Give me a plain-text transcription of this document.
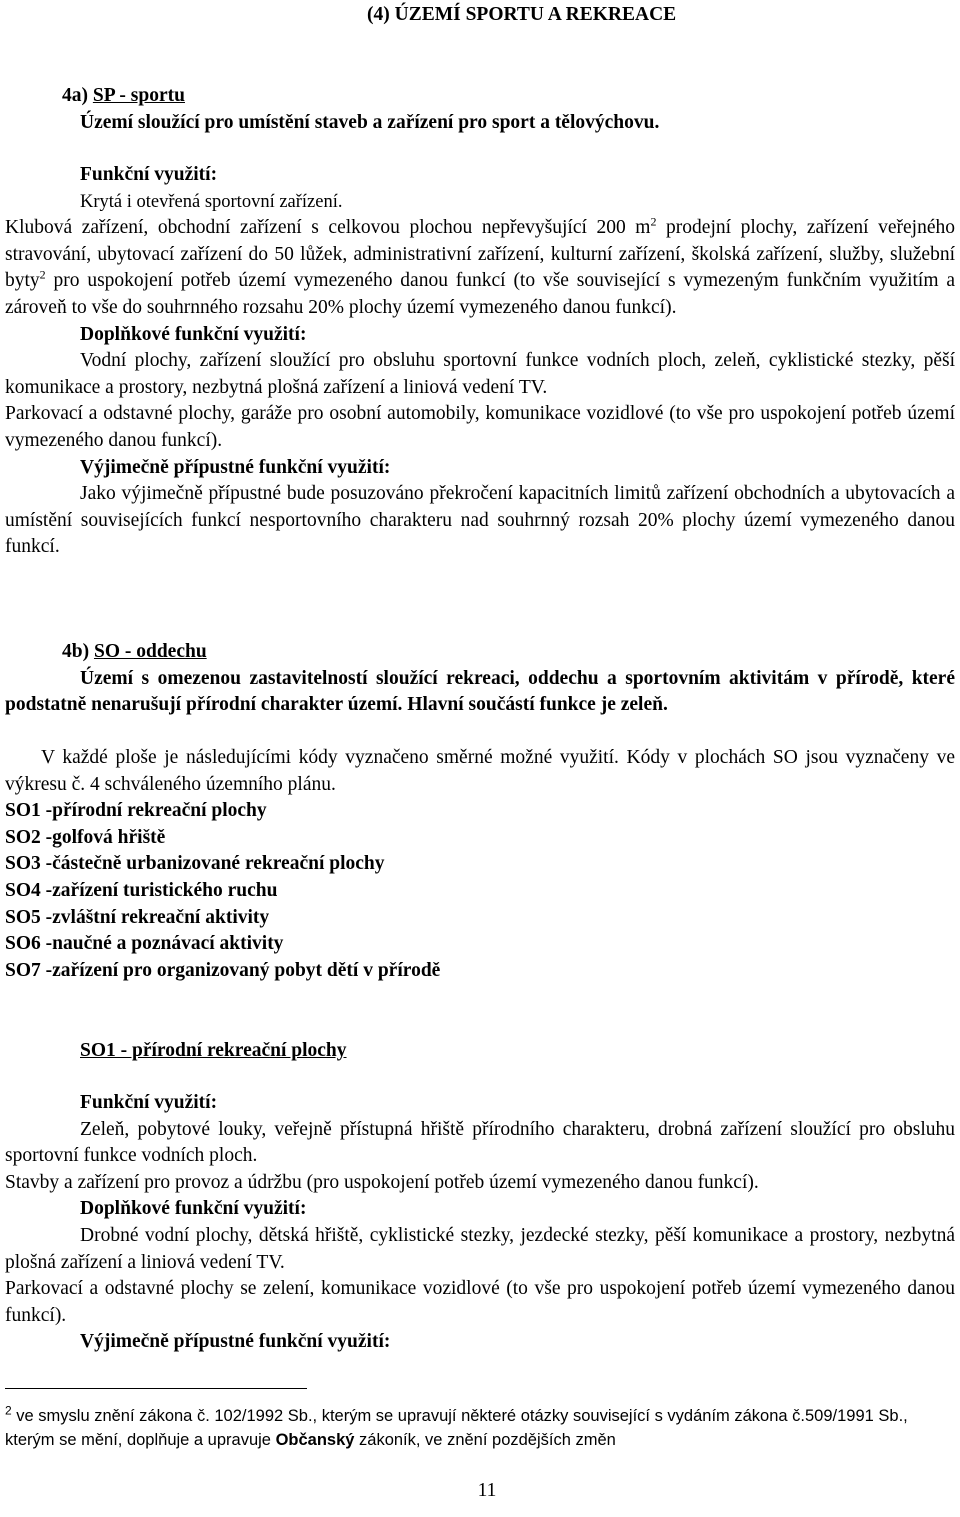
(4) ÚZEMÍ SPORTU A REKREACE

4a) SP - sportu

Území sloužící pro umístění staveb a zařízení pro sport a tělovýchovu.

Funkční využití:

Krytá i otevřená sportovní zařízení.

Klubová zařízení, obchodní zařízení s celkovou plochou nepřevyšující 200 $m^2$ prodejní plochy, zařízení veřejného stravování, ubytovací zařízení do 50 lůžek, administrativní zařízení, kulturní zařízení, školská zařízení, služby, služební byty$^2$ pro uspokojení potřeb území vymezeného danou funkcí (to vše související s vymezeným funkčním využitím a zároveň to vše do souhrnného rozsahu 20% plochy území vymezeného danou funkcí).

Doplňkové funkční využití:

Vodní plochy, zařízení sloužící pro obsluhu sportovní funkce vodních ploch, zeleň, cyklistické stezky, pěší komunikace a prostory, nezbytná plošná zařízení a liniová vedení TV.

Parkovací a odstavné plochy, garáže pro osobní automobily, komunikace vozidlové (to vše pro uspokojení potřeb území vymezeného danou funkcí).

Výjimečně přípustné funkční využití:

Jako výjimečně přípustné bude posuzováno překročení kapacitních limitů zařízení obchodních a ubytovacích a umístění souvisejících funkcí nesportovního charakteru nad souhrnný rozsah 20% plochy území vymezeného danou funkcí.

4b) SO - oddechu

Území s omezenou zastavitelností sloužící rekreaci, oddechu a sportovním aktivitám v přírodě, které podstatně nenarušují přírodní charakter území. Hlavní součástí funkce je zeleň.

V každé ploše je následujícími kódy vyznačeno směrné možné využití. Kódy v plochách SO jsou vyznačeny ve výkresu č. 4 schváleného územního plánu.

SO1 -přírodní rekreační plochy

SO2 -golfová hřiště

SO3 -částečně urbanizované rekreační plochy

SO4 -zařízení turistického ruchu

SO5 -zvláštní rekreační aktivity

SO6 -naučné a poznávací aktivity

SO7 -zařízení pro organizovaný pobyt dětí v přírodě

SO1 - přírodní rekreační plochy

Funkční využití:

Zeleň, pobytové louky, veřejně přístupná hřiště přírodního charakteru, drobná zařízení sloužící pro obsluhu sportovní funkce vodních ploch.

Stavby a zařízení pro provoz a údržbu (pro uspokojení potřeb území vymezeného danou funkcí).

Doplňkové funkční využití:

Drobné vodní plochy, dětská hřiště, cyklistické stezky, jezdecké stezky, pěší komunikace a prostory, nezbytná plošná zařízení a liniová vedení TV.

Parkovací a odstavné plochy se zelení, komunikace vozidlové (to vše pro uspokojení potřeb území vymezeného danou funkcí).

Výjimečně přípustné funkční využití:

$^2$ ve smyslu znění zákona č. 102/1992 Sb., kterým se upravují některé otázky související s vydáním zákona č.509/1991 Sb., kterým se mění, doplňuje a upravuje Občanský zákoník, ve znění pozdějších změn

11
